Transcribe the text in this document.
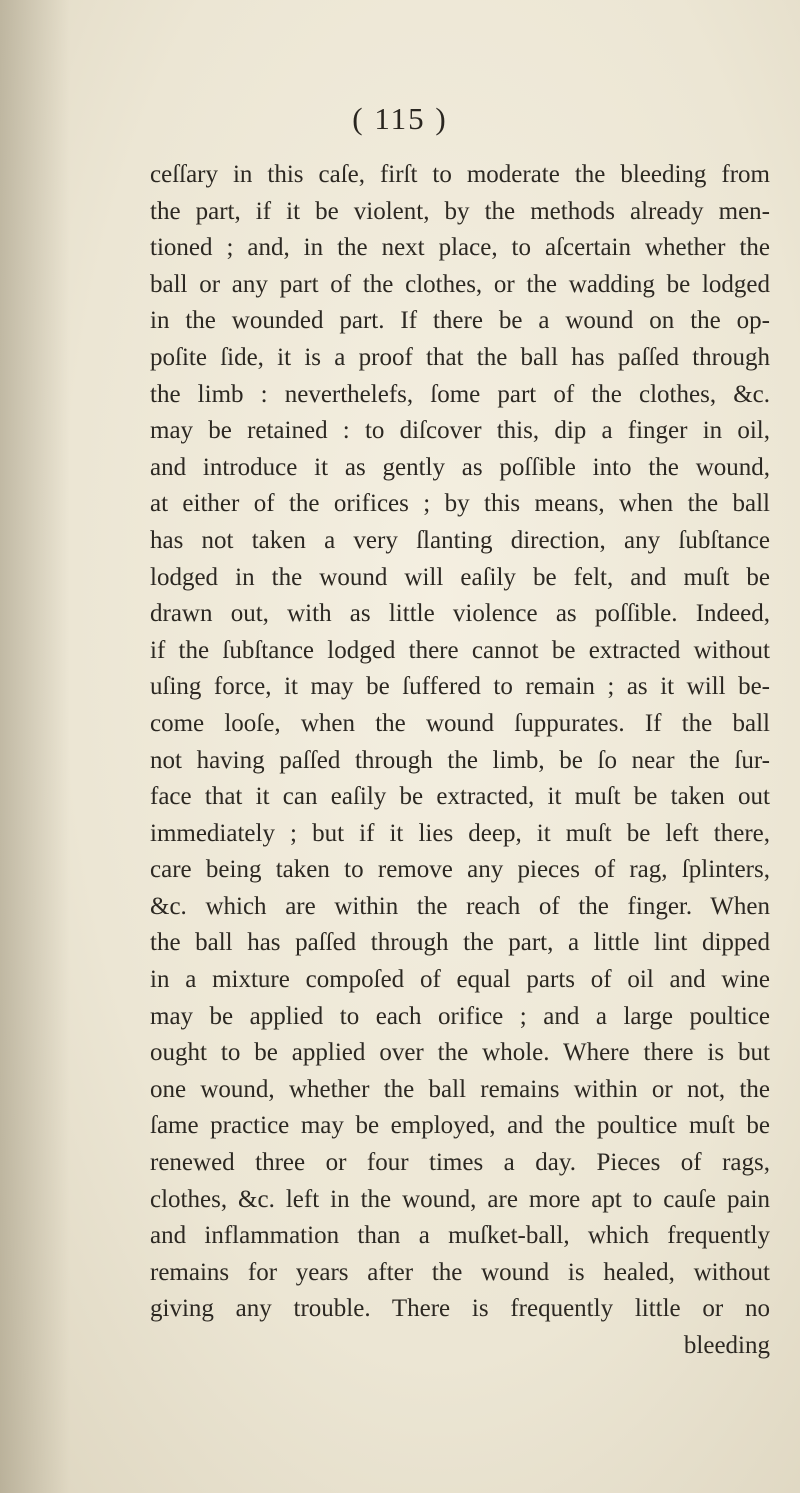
( 115 )
ceſſary in this caſe, firſt to moderate the bleeding from
the part, if it be violent, by the methods already men-
tioned ; and, in the next place, to aſcertain whether the
ball or any part of the clothes, or the wadding be lodged
in the wounded part. If there be a wound on the op-
poſite ſide, it is a proof that the ball has paſſed through
the limb : neverthelefs, ſome part of the clothes, &c.
may be retained : to diſcover this, dip a finger in oil,
and introduce it as gently as poſſible into the wound,
at either of the orifices ; by this means, when the ball
has not taken a very ſlanting direction, any ſubſtance
lodged in the wound will eaſily be felt, and muſt be
drawn out, with as little violence as poſſible. Indeed,
if the ſubſtance lodged there cannot be extracted without
uſing force, it may be ſuffered to remain ; as it will be-
come looſe, when the wound ſuppurates. If the ball
not having paſſed through the limb, be ſo near the ſur-
face that it can eaſily be extracted, it muſt be taken out
immediately ; but if it lies deep, it muſt be left there,
care being taken to remove any pieces of rag, ſplinters,
&c. which are within the reach of the finger. When
the ball has paſſed through the part, a little lint dipped
in a mixture compoſed of equal parts of oil and wine
may be applied to each orifice ; and a large poultice
ought to be applied over the whole. Where there is but
one wound, whether the ball remains within or not, the
ſame practice may be employed, and the poultice muſt be
renewed three or four times a day. Pieces of rags,
clothes, &c. left in the wound, are more apt to cauſe pain
and inflammation than a muſket-ball, which frequently
remains for years after the wound is healed, without
giving any trouble. There is frequently little or no
bleeding
